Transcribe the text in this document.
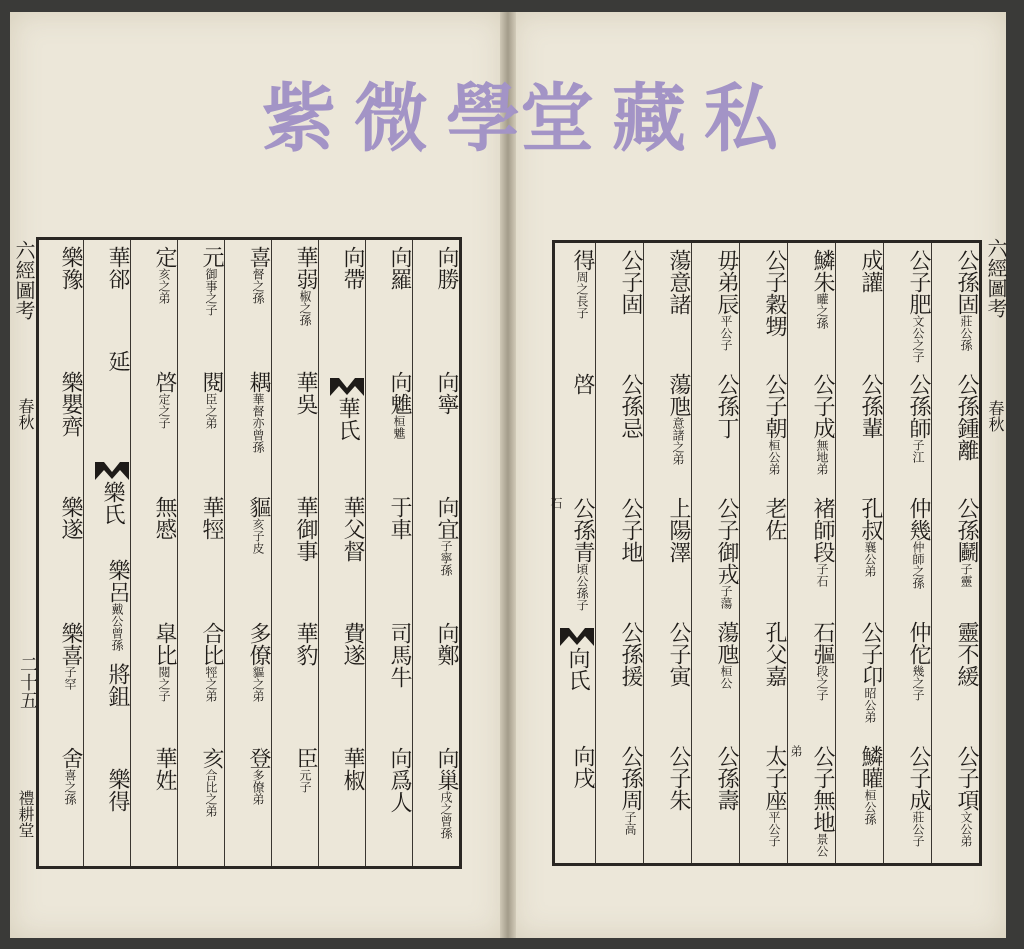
紫微學
堂藏私
六經圖考
春秋
二十五
禮耕堂
六經圖考
春秋
向勝
向寧
向宜子寧孫
向鄭
向巢戌之曾孫
向羅
向魋桓魋
于車
司馬牛
向爲人
向帶
華氏
華父督
費遂
華椒
華弱椒之孫
華吳
華御事
華豹
臣元子
喜督之孫
耦華督亦曾孫
貙亥子皮
多僚貙之弟
登多僚弟
元御事之子
閱臣之弟
華牼
合比牼之弟
亥合比之弟
定亥之弟
啓定之子
無慼
皐比閱之子
華姓
華郤
延
樂氏
樂呂戴公曾孫
將鉏
樂得
樂豫
樂嬰齊
樂遂
樂喜子罕
舍喜之孫
公孫固莊公孫
公孫鍾離
公孫鬬子靈
靈不緩
公子項文公弟
公子肥文公之子
公孫師子江
仲幾仲師之孫
仲佗幾之子
公子成莊公子
成讙
公孫輩
孔叔襄公弟
公子卬昭公弟
鱗矔桓公孫
鱗朱矔之孫
公子成無地弟
褚師段子石
石彄段之子
公子無地景公弟
公子穀甥
公子朝桓公弟
老佐
孔父嘉
太子座平公子
毋弟辰平公子
公孫丁
公子御戎子蕩
蕩虺桓公
公孫壽
蕩意諸
蕩虺意諸之弟
上陽澤
公子寅
公子朱
公子固
公孫忌
公子地
公孫援
公孫周子高
得周之長子
啓
公孫青頃公孫子石
向氏
向戌
